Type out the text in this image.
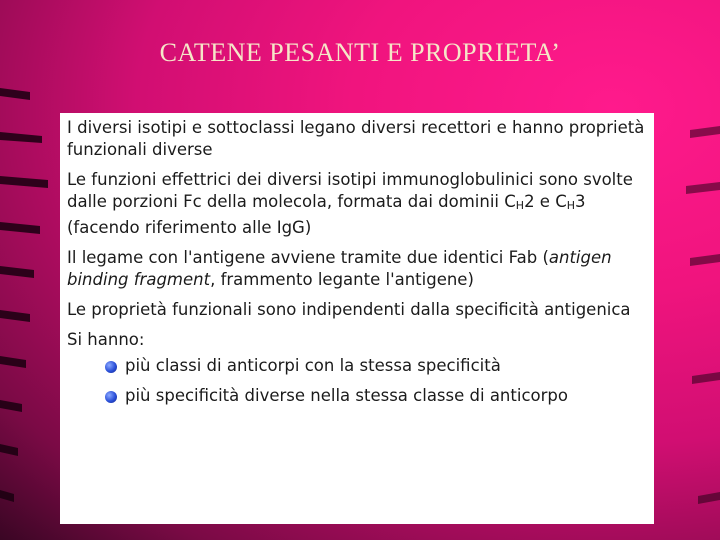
CATENE PESANTI E PROPRIETA’

I diversi isotipi e sottoclassi legano diversi recettori e hanno proprietà funzionali diverse

Le funzioni effettrici dei diversi isotipi immunoglobulinici sono svolte dalle porzioni Fc della molecola, formata dai dominii CH2 e CH3 (facendo riferimento alle IgG)

Il legame con l'antigene avviene tramite due identici Fab (antigen binding fragment, frammento legante l'antigene)

Le proprietà funzionali sono indipendenti dalla specificità antigenica

Si hanno:

più classi di anticorpi con la stessa specificità
più specificità diverse nella stessa classe di anticorpo
